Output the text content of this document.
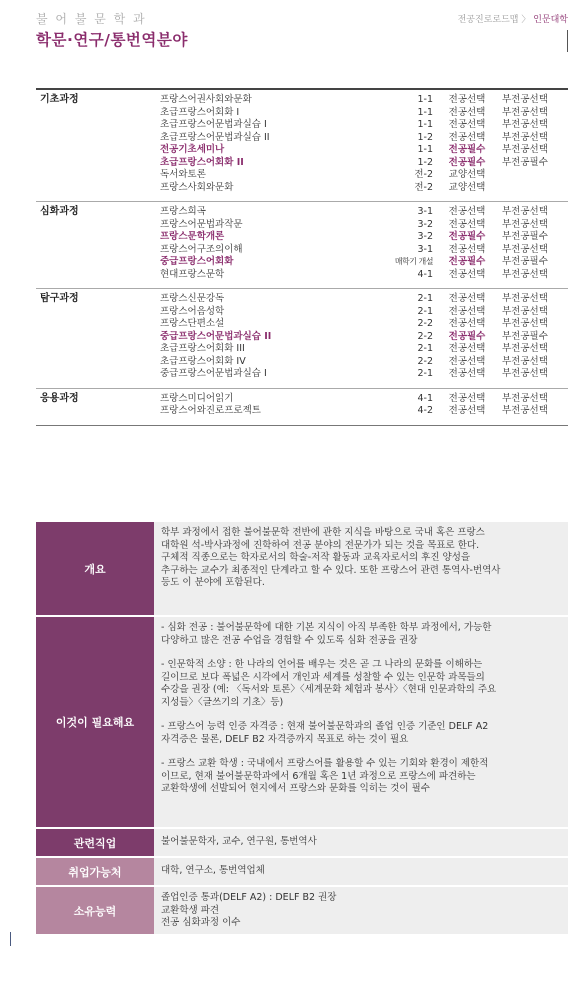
불 어 불 문 학 과
학문·연구/통번역분야
전공진로로드맵 〉 인문대학
기초과정	프랑스어권사회와문화	1-1	전공선택	부전공선택
초급프랑스어회화 I	1-1	전공선택	부전공선택
초급프랑스어문법과실습 I	1-1	전공선택	부전공선택
초급프랑스어문법과실습 II	1-2	전공선택	부전공선택
전공기초세미나	1-1	전공필수	부전공선택
초급프랑스어회화 II	1-2	전공필수	부전공필수
독서와토론	전-2	교양선택
프랑스사회와문화	전-2	교양선택
심화과정	프랑스희곡	3-1	전공선택	부전공선택
프랑스어문법과작문	3-2	전공선택	부전공선택
프랑스문학개론	3-2	전공필수	부전공필수
프랑스어구조의이해	3-1	전공선택	부전공선택
중급프랑스어회화	매학기 개설	전공필수	부전공필수
현대프랑스문학	4-1	전공선택	부전공선택
탐구과정	프랑스신문강독	2-1	전공선택	부전공선택
프랑스어음성학	2-1	전공선택	부전공선택
프랑스단편소설	2-2	전공선택	부전공선택
중급프랑스어문법과실습 II	2-2	전공필수	부전공필수
초급프랑스어회화 III	2-1	전공선택	부전공선택
초급프랑스어회화 IV	2-2	전공선택	부전공선택
중급프랑스어문법과실습 I	2-1	전공선택	부전공선택
응용과정	프랑스미디어읽기	4-1	전공선택	부전공선택
프랑스어와진로프로젝트	4-2	전공선택	부전공선택
개요
학부 과정에서 접한 불어불문학 전반에 관한 지식을 바탕으로 국내 혹은 프랑스
대학원 석-박사과정에 진학하여 전공 분야의 전문가가 되는 것을 목표로 한다.
구체적 직종으로는 학자로서의 학술-저작 활동과 교육자로서의 후진 양성을
추구하는 교수가 최종적인 단계라고 할 수 있다. 또한 프랑스어 관련 통역사-번역사
등도 이 분야에 포함된다.
이것이 필요해요
- 심화 전공 : 불어불문학에 대한 기본 지식이 아직 부족한 학부 과정에서, 가능한
다양하고 많은 전공 수업을 경험할 수 있도록 심화 전공을 권장
- 인문학적 소양 : 한 나라의 언어를 배우는 것은 곧 그 나라의 문화를 이해하는
길이므로 보다 폭넓은 시각에서 개인과 세계를 성찰할 수 있는 인문학 과목들의
수강을 권장 (예: 〈독서와 토론〉〈세계문화 체험과 봉사〉〈현대 인문과학의 주요
지성들〉〈글쓰기의 기초〉등)
- 프랑스어 능력 인증 자격증 : 현재 불어불문학과의 졸업 인증 기준인 DELF A2
자격증은 물론, DELF B2 자격증까지 목표로 하는 것이 필요
- 프랑스 교환 학생 : 국내에서 프랑스어를 활용할 수 있는 기회와 환경이 제한적
이므로, 현재 불어불문학과에서 6개월 혹은 1년 과정으로 프랑스에 파견하는
교환학생에 선발되어 현지에서 프랑스와 문화를 익히는 것이 필수
관련직업	불어불문학자, 교수, 연구원, 통번역사
취업가능처	대학, 연구소, 통번역업체
소유능력
졸업인증 통과(DELF A2) : DELF B2 권장
교환학생 파견
전공 심화과정 이수
